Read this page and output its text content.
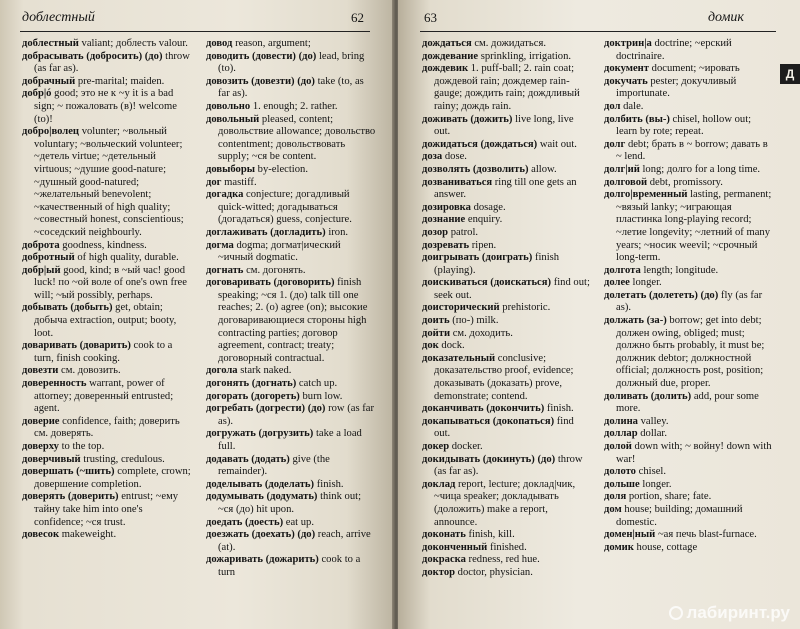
доблестный	62

доблестный valiant; доблесть valour.

добрасывать (добросить) (до) throw (as far as).

добрачный pre-marital; maiden.

добр|ó good; это не к ~у it is a bad sign; ~ пожаловать (в)! welcome (to)!

добро|волец volunter; ~вольный voluntary; ~вольческий volunteer; ~детель virtue; ~детельный virtuous; ~душие good-nature; ~душный good-natured; ~желательный benevolent; ~качественный of high quality; ~совестный honest, conscientious; ~соседский neighbourly.

доброта goodness, kindness.

добротный of high quality, durable.

добр|ый good, kind; в ~ый час! good luck! по ~ой воле of one's own free will; ~ый possibly, perhaps.

добывать (добыть) get, obtain; добыча extraction, output; booty, loot.

доваривать (доварить) cook to a turn, finish cooking.

довезти см. довозить.

доверенность warrant, power of attorney; доверенный entrusted; agent.

доверие confidence, faith; доверить см. доверять.

доверху to the top.

доверчивый trusting, credulous.

довершать (~шить) complete, crown; довершение completion.

доверять (доверить) entrust; ~ему тайну take him into one's confidence; ~ся trust.

довесок makeweight.

довод reason, argument;

доводить (довести) (до) lead, bring (to).

довозить (довезти) (до) take (to, as far as).

довольно 1. enough; 2. rather.

довольный pleased, content; довольствие allowance; довольство contentment; довольствовать supply; ~ся be content.

довыборы by-election.

дог mastiff.

догадка conjecture; догадливый quick-witted; догадываться (догадаться) guess, conjecture.

доглаживать (догладить) iron.

догма dogma; догмат|ический ~ичный dogmatic.

догнать см. догонять.

договаривать (договорить) finish speaking; ~ся 1. (до) talk till one reaches; 2. (о) agree (on); высокие договаривающиеся стороны high contracting parties; договор agreement, contract; treaty; договорный contractual.

догола stark naked.

догонять (догнать) catch up.

догорать (догореть) burn low.

догребать (догрести) (до) row (as far as).

догружать (догрузить) take a load full.

додавать (додать) give (the remainder).

доделывать (доделать) finish.

додумывать (додумать) think out; ~ся (до) hit upon.

доедать (доесть) eat up.

доезжать (доехать) (до) reach, arrive (at).

дожаривать (дожарить) cook to a turn

63	домик
Д

дождаться см. дожидаться.

дождевание sprinkling, irrigation.

дождевик 1. puff-ball; 2. rain coat; дождевой rain; дождемер rain-gauge; дождить rain; дождливый rainy; дождь rain.

доживать (дожить) live long, live out.

дожидаться (дождаться) wait out.

доза dose.

дозволять (дозволить) allow.

дозваниваться ring till one gets an answer.

дозировка dosage.

дознание enquiry.

дозор patrol.

дозревать ripen.

доигрывать (доиграть) finish (playing).

доискиваться (доискаться) find out; seek out.

доисторический prehistoric.

доить (по-) milk.

дойти см. доходить.

док dock.

доказательный conclusive; доказательство proof, evidence; доказывать (доказать) prove, demonstrate; contend.

доканчивать (докончить) finish.

докапываться (докопаться) find out.

докер docker.

докидывать (докинуть) (до) throw (as far as).

доклад report, lecture; доклад|чик, ~чица speaker; докладывать (доложить) make a report, announce.

доконать finish, kill.

доконченный finished.

докраска redness, red hue.

доктор doctor, physician.

доктрин|а doctrine; ~ерский doctrinaire.

документ document; ~ировать

докучать pester; докучливый importunate.

дол dale.

долбить (вы-) chisel, hollow out; learn by rote; repeat.

долг debt; брать в ~ borrow; давать в ~ lend.

долг|ий long; долго for a long time.

долговой debt, promissory.

долго|временный lasting, permanent; ~вязый lanky; ~играющая пластинка long-playing record; ~летие longevity; ~летний of many years; ~носик weevil; ~срочный long-term.

долгота length; longitude.

долее longer.

долетать (долететь) (до) fly (as far as).

должать (за-) borrow; get into debt; должен owing, obliged; must; должно быть probably, it must be; должник debtor; должностной official; должность post, position; должный due, proper.

доливать (долить) add, pour some more.

долина valley.

доллар dollar.

долой down with; ~ войну! down with war!

долото chisel.

дольше longer.

доля portion, share; fate.

дом house; building; домашний domestic.

домен|ный ~ая печь blast-furnace.

домик house, cottage

лабиринт.ру
